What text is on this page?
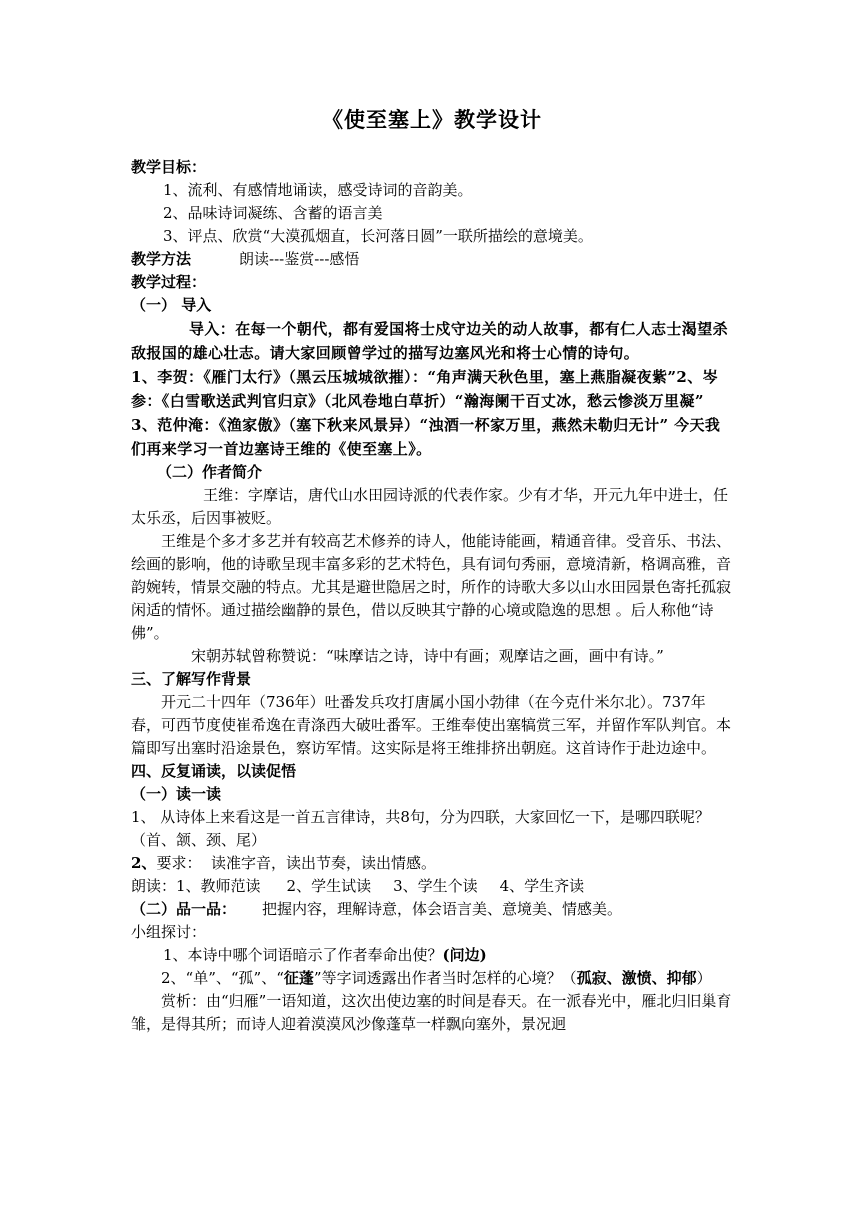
《使至塞上》教学设计

教学目标：

1、流利、有感情地诵读，感受诗词的音韵美。

2、品味诗词凝练、含蓄的语言美

3、评点、欣赏“大漠孤烟直，长河落日圆”一联所描绘的意境美。

教学方法	朗读---鉴赏---感悟

教学过程：

（一） 导入

导入：在每一个朝代，都有爱国将士戍守边关的动人故事，都有仁人志士渴望杀敌报国的雄心壮志。请大家回顾曾学过的描写边塞风光和将士心情的诗句。

1、李贺：《雁门太行》（黑云压城城欲摧）：“角声满天秋色里，塞上燕脂凝夜紫”2、岑参：《白雪歌送武判官归京》（北风卷地白草折）“瀚海阑干百丈冰，愁云惨淡万里凝”

3、范仲淹：《渔家傲》（塞下秋来风景异）“浊酒一杯家万里，燕然未勒归无计” 今天我们再来学习一首边塞诗王维的《使至塞上》。

（二）作者简介

王维：字摩诘，唐代山水田园诗派的代表作家。少有才华，开元九年中进士，任太乐丞，后因事被贬。

王维是个多才多艺并有较高艺术修养的诗人，他能诗能画，精通音律。受音乐、书法、绘画的影响，他的诗歌呈现丰富多彩的艺术特色，具有词句秀丽，意境清新，格调高雅，音韵婉转，情景交融的特点。尤其是避世隐居之时，所作的诗歌大多以山水田园景色寄托孤寂闲适的情怀。通过描绘幽静的景色，借以反映其宁静的心境或隐逸的思想 。后人称他“诗佛”。

宋朝苏轼曾称赞说：“味摩诘之诗，诗中有画；观摩诘之画，画中有诗。”

三、了解写作背景

开元二十四年（736年）吐番发兵攻打唐属小国小勃律（在今克什米尔北）。737年春，可西节度使崔希逸在青涤西大破吐番军。王维奉使出塞犒赏三军，并留作军队判官。本篇即写出塞时沿途景色，察访军情。这实际是将王维排挤出朝庭。这首诗作于赴边途中。

四、反复诵读，以读促悟

（一）读一读

1、 从诗体上来看这是一首五言律诗，共8句，分为四联，大家回忆一下，是哪四联呢？（首、颔、颈、尾）

2、要求： 读准字音，读出节奏，读出情感。

朗读：1、教师范读 2、学生试读 3、学生个读 4、学生齐读

（二）品一品： 把握内容，理解诗意，体会语言美、意境美、情感美。

小组探讨：

1、本诗中哪个词语暗示了作者奉命出使？(问边)

2、“单”、“孤”、“征蓬”等字词透露出作者当时怎样的心境？（孤寂、激愤、抑郁）

赏析：由“归雁”一语知道，这次出使边塞的时间是春天。在一派春光中，雁北归旧巢育雏，是得其所；而诗人迎着漠漠风沙像蓬草一样飘向塞外，景况迥
